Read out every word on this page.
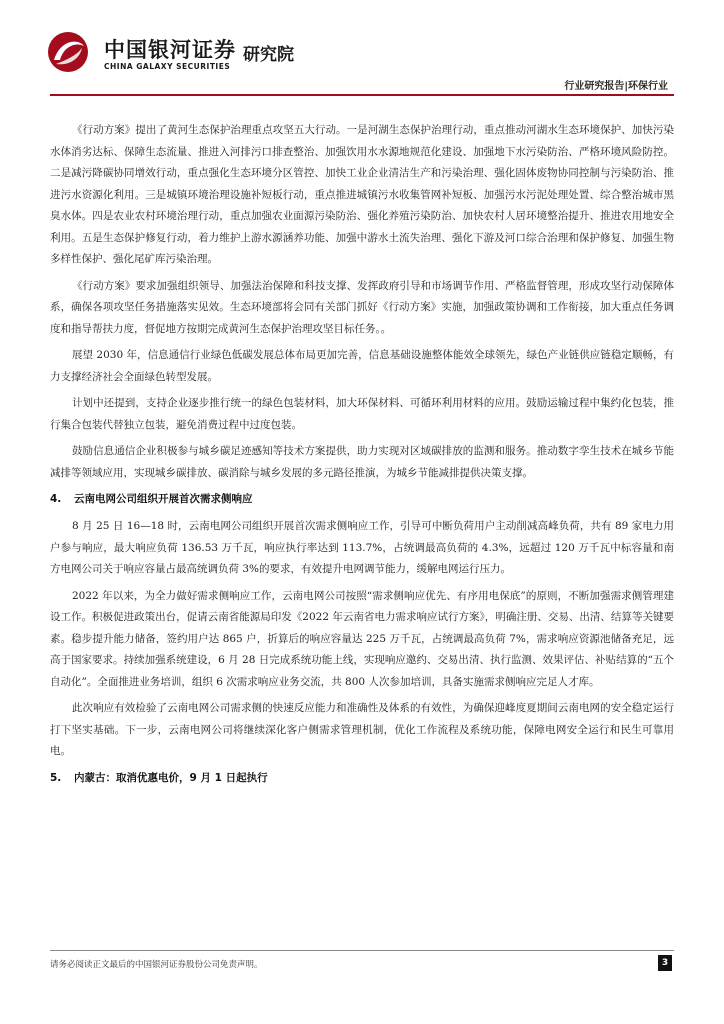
中国银河证券
CHINA GALAXY SECURITIES
研究院
行业研究报告|环保行业

《行动方案》提出了黄河生态保护治理重点攻坚五大行动。一是河湖生态保护治理行动，重点推动河湖水生态环境保护、加快污染水体消劣达标、保障生态流量、推进入河排污口排查整治、加强饮用水水源地规范化建设、加强地下水污染防治、严格环境风险防控。二是减污降碳协同增效行动，重点强化生态环境分区管控、加快工业企业清洁生产和污染治理、强化固体废物协同控制与污染防治、推进污水资源化利用。三是城镇环境治理设施补短板行动，重点推进城镇污水收集管网补短板、加强污水污泥处理处置、综合整治城市黑臭水体。四是农业农村环境治理行动，重点加强农业面源污染防治、强化养殖污染防治、加快农村人居环境整治提升、推进农用地安全利用。五是生态保护修复行动，着力维护上游水源涵养功能、加强中游水土流失治理、强化下游及河口综合治理和保护修复、加强生物多样性保护、强化尾矿库污染治理。

《行动方案》要求加强组织领导、加强法治保障和科技支撑、发挥政府引导和市场调节作用、严格监督管理，形成攻坚行动保障体系，确保各项攻坚任务措施落实见效。生态环境部将会同有关部门抓好《行动方案》实施，加强政策协调和工作衔接，加大重点任务调度和指导帮扶力度，督促地方按期完成黄河生态保护治理攻坚目标任务。。

展望 2030 年，信息通信行业绿色低碳发展总体布局更加完善，信息基础设施整体能效全球领先，绿色产业链供应链稳定顺畅，有力支撑经济社会全面绿色转型发展。

计划中还提到，支持企业逐步推行统一的绿色包装材料，加大环保材料、可循环利用材料的应用。鼓励运输过程中集约化包装，推行集合包装代替独立包装，避免消费过程中过度包装。

鼓励信息通信企业积极参与城乡碳足迹感知等技术方案提供，助力实现对区域碳排放的监测和服务。推动数字孪生技术在城乡节能减排等领域应用，实现城乡碳排放、碳消除与城乡发展的多元路径推演，为城乡节能减排提供决策支撑。

4. 云南电网公司组织开展首次需求侧响应

8 月 25 日 16—18 时，云南电网公司组织开展首次需求侧响应工作，引导可中断负荷用户主动削减高峰负荷，共有 89 家电力用户参与响应，最大响应负荷 136.53 万千瓦，响应执行率达到 113.7%，占统调最高负荷的 4.3%，远超过 120 万千瓦中标容量和南方电网公司关于响应容量占最高统调负荷 3%的要求，有效提升电网调节能力，缓解电网运行压力。

2022 年以来，为全力做好需求侧响应工作，云南电网公司按照“需求侧响应优先、有序用电保底”的原则，不断加强需求侧管理建设工作。积极促进政策出台，促请云南省能源局印发《2022 年云南省电力需求响应试行方案》，明确注册、交易、出清、结算等关键要素。稳步提升能力储备，签约用户达 865 户，折算后的响应容量达 225 万千瓦，占统调最高负荷 7%，需求响应资源池储备充足，远高于国家要求。持续加强系统建设，6 月 28 日完成系统功能上线，实现响应邀约、交易出清、执行监测、效果评估、补贴结算的“五个自动化”。全面推进业务培训，组织 6 次需求响应业务交流，共 800 人次参加培训，具备实施需求侧响应完足人才库。

此次响应有效检验了云南电网公司需求侧的快速反应能力和准确性及体系的有效性，为确保迎峰度夏期间云南电网的安全稳定运行打下坚实基础。下一步，云南电网公司将继续深化客户侧需求管理机制，优化工作流程及系统功能，保障电网安全运行和民生可靠用电。

5. 内蒙古：取消优惠电价，9 月 1 日起执行
请务必阅读正文最后的中国银河证券股份公司免责声明。	3
